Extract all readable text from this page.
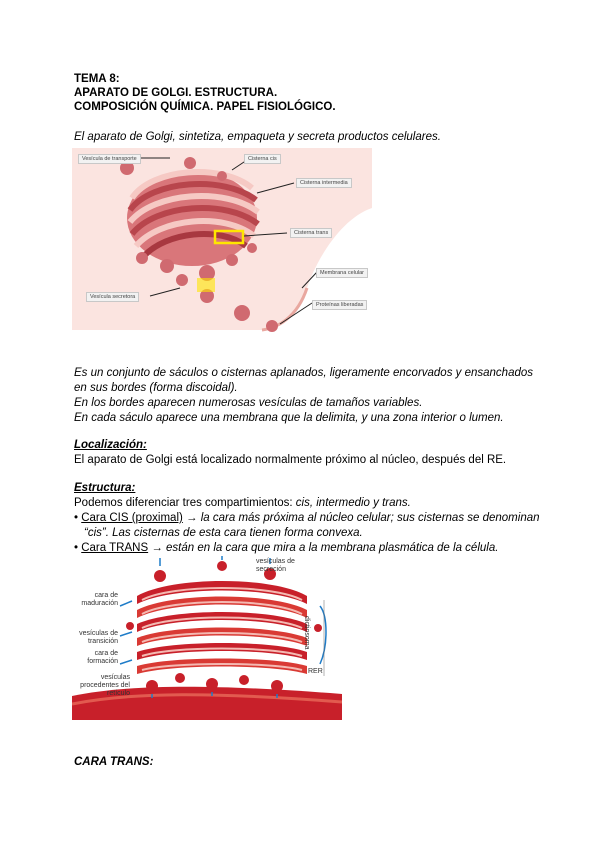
TEMA 8:
APARATO DE GOLGI. ESTRUCTURA.
COMPOSICIÓN QUÍMICA. PAPEL FISIOLÓGICO.
El aparato de Golgi, sintetiza, empaqueta y secreta productos celulares.
Vesícula de transporte	Cisterna cis
Cisterna intermedia
Cisterna trans
Membrana celular
Vesícula secretora
Proteínas liberadas
Es un conjunto de sáculos o cisternas aplanados, ligeramente encorvados y ensanchados
en sus bordes (forma discoidal).
En los bordes aparecen numerosas vesículas de tamaños variables.
En cada sáculo aparece una membrana que la delimita, y una zona interior o lumen.
Localización:
El aparato de Golgi está localizado normalmente próximo al núcleo, después del RE.
Estructura:
Podemos diferenciar tres compartimientos: cis, intermedio y trans.
• Cara CIS (proximal) → la cara más próxima al núcleo celular; sus cisternas se denominan
“cis”. Las cisternas de esta cara tienen forma convexa.
• Cara TRANS → están en la cara que mira a la membrana plasmática de la célula.
vesículas de secreción
cara de maduración
vesículas de transición
cara de formación
vesículas procedentes del retículo
dictiosoma
RER
CARA TRANS:
